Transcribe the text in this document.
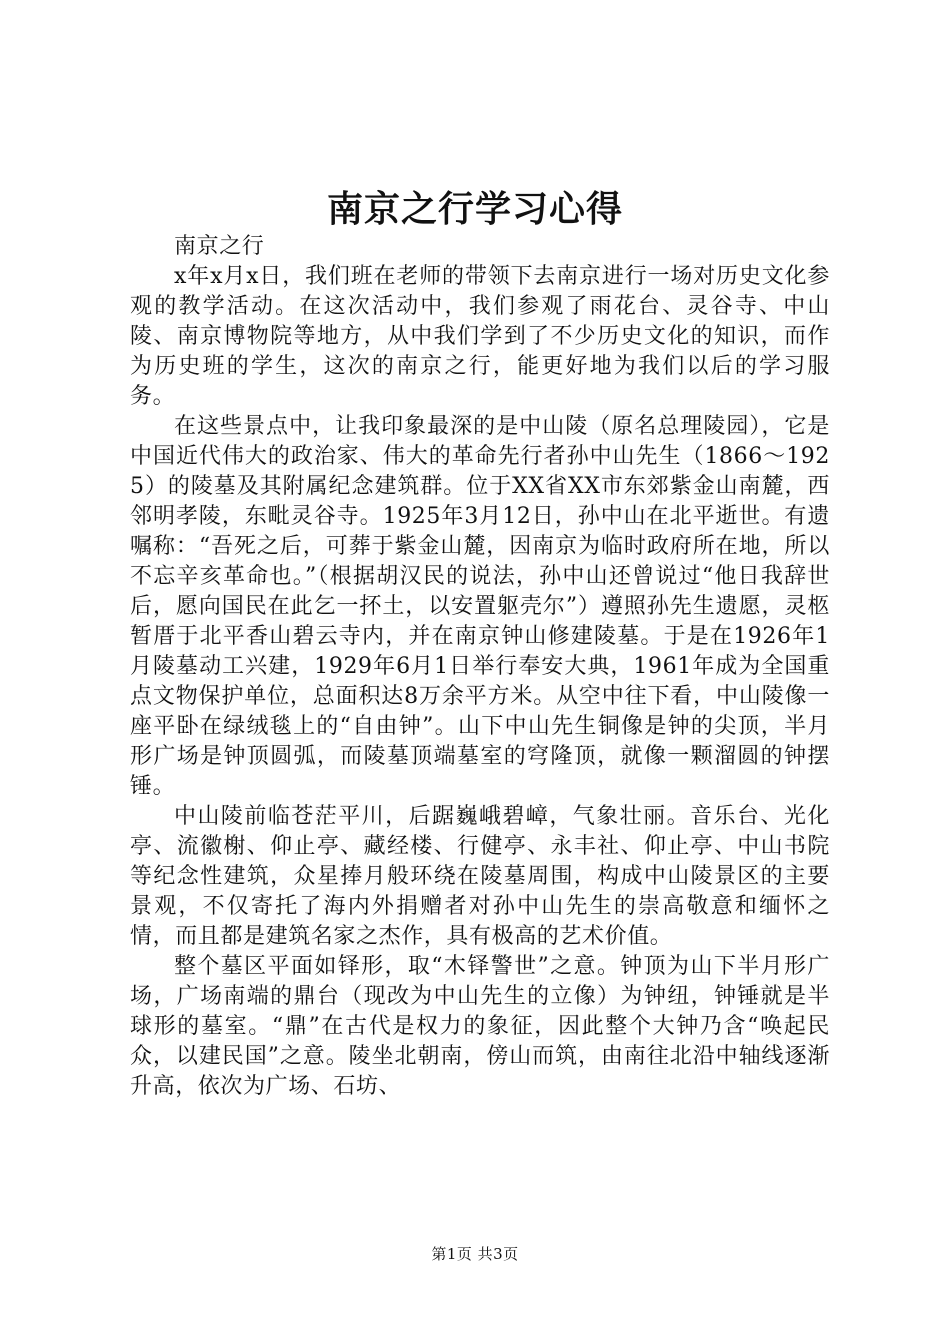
南京之行学习心得

南京之行

x年x月x日，我们班在老师的带领下去南京进行一场对历史文化参观的教学活动。在这次活动中，我们参观了雨花台、灵谷寺、中山陵、南京博物院等地方，从中我们学到了不少历史文化的知识，而作为历史班的学生，这次的南京之行，能更好地为我们以后的学习服务。

在这些景点中，让我印象最深的是中山陵（原名总理陵园），它是中国近代伟大的政治家、伟大的革命先行者孙中山先生（1866～1925）的陵墓及其附属纪念建筑群。位于XX省XX市东郊紫金山南麓，西邻明孝陵，东毗灵谷寺。1925年3月12日，孙中山在北平逝世。有遗嘱称：“吾死之后，可葬于紫金山麓，因南京为临时政府所在地，所以不忘辛亥革命也。”（根据胡汉民的说法，孙中山还曾说过“他日我辞世后，愿向国民在此乞一抔土，以安置躯壳尔”）遵照孙先生遗愿，灵柩暂厝于北平香山碧云寺内，并在南京钟山修建陵墓。于是在1926年1月陵墓动工兴建，1929年6月1日举行奉安大典，1961年成为全国重点文物保护单位，总面积达8万余平方米。从空中往下看，中山陵像一座平卧在绿绒毯上的“自由钟”。山下中山先生铜像是钟的尖顶，半月形广场是钟顶圆弧，而陵墓顶端墓室的穹隆顶，就像一颗溜圆的钟摆锤。

中山陵前临苍茫平川，后踞巍峨碧嶂，气象壮丽。音乐台、光化亭、流徽榭、仰止亭、藏经楼、行健亭、永丰社、仰止亭、中山书院等纪念性建筑，众星捧月般环绕在陵墓周围，构成中山陵景区的主要景观，不仅寄托了海内外捐赠者对孙中山先生的崇高敬意和缅怀之情，而且都是建筑名家之杰作，具有极高的艺术价值。

整个墓区平面如铎形，取“木铎警世”之意。钟顶为山下半月形广场，广场南端的鼎台（现改为中山先生的立像）为钟纽，钟锤就是半球形的墓室。“鼎”在古代是权力的象征，因此整个大钟乃含“唤起民众，以建民国”之意。陵坐北朝南，傍山而筑，由南往北沿中轴线逐渐升高，依次为广场、石坊、

第1页 共3页
